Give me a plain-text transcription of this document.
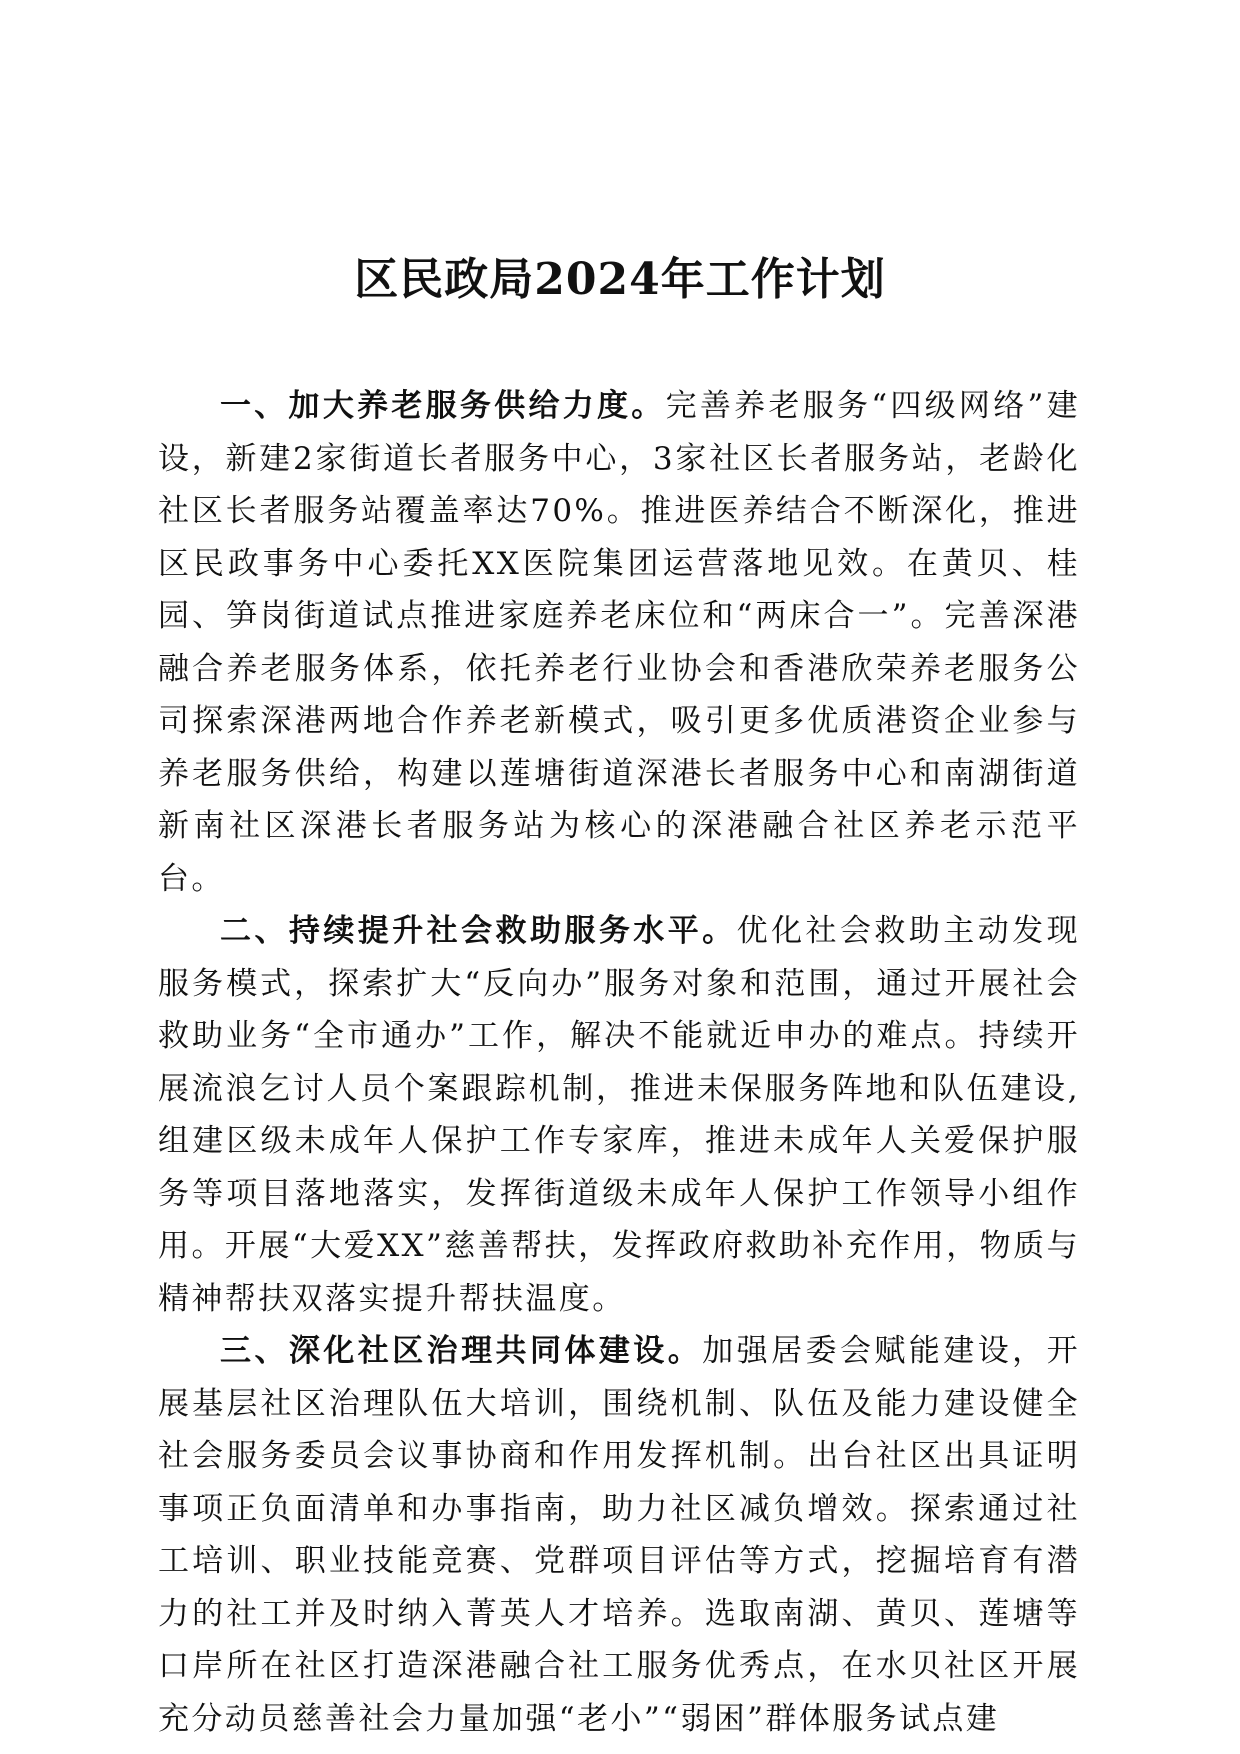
区民政局2024年工作计划

一、加大养老服务供给力度。完善养老服务“四级网络”建设，新建2家街道长者服务中心，3家社区长者服务站，老龄化社区长者服务站覆盖率达70%。推进医养结合不断深化，推进区民政事务中心委托XX医院集团运营落地见效。在黄贝、桂园、笋岗街道试点推进家庭养老床位和“两床合一”。完善深港融合养老服务体系，依托养老行业协会和香港欣荣养老服务公司探索深港两地合作养老新模式，吸引更多优质港资企业参与养老服务供给，构建以莲塘街道深港长者服务中心和南湖街道新南社区深港长者服务站为核心的深港融合社区养老示范平台。

二、持续提升社会救助服务水平。优化社会救助主动发现服务模式，探索扩大“反向办”服务对象和范围，通过开展社会救助业务“全市通办”工作，解决不能就近申办的难点。持续开展流浪乞讨人员个案跟踪机制，推进未保服务阵地和队伍建设,组建区级未成年人保护工作专家库，推进未成年人关爱保护服务等项目落地落实，发挥街道级未成年人保护工作领导小组作用。开展“大爱XX”慈善帮扶，发挥政府救助补充作用，物质与精神帮扶双落实提升帮扶温度。

三、深化社区治理共同体建设。加强居委会赋能建设，开展基层社区治理队伍大培训，围绕机制、队伍及能力建设健全社会服务委员会议事协商和作用发挥机制。出台社区出具证明事项正负面清单和办事指南，助力社区减负增效。探索通过社工培训、职业技能竞赛、党群项目评估等方式，挖掘培育有潜力的社工并及时纳入菁英人才培养。选取南湖、黄贝、莲塘等口岸所在社区打造深港融合社工服务优秀点，在水贝社区开展充分动员慈善社会力量加强“老小”“弱困”群体服务试点建
